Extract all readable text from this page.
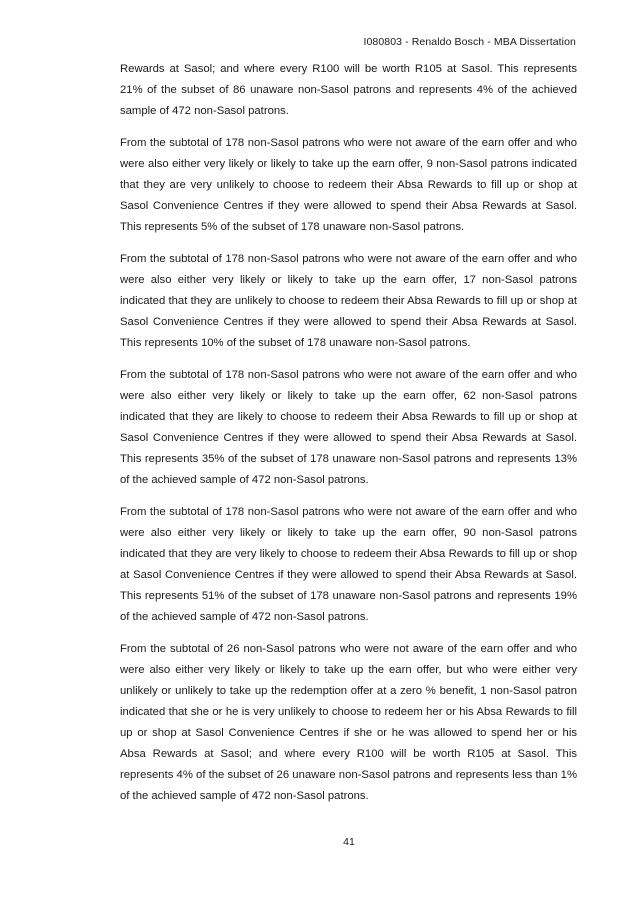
I080803 - Renaldo Bosch - MBA Dissertation

Rewards at Sasol; and where every R100 will be worth R105 at Sasol. This represents 21% of the subset of 86 unaware non-Sasol patrons and represents 4% of the achieved sample of 472 non-Sasol patrons.

From the subtotal of 178 non-Sasol patrons who were not aware of the earn offer and who were also either very likely or likely to take up the earn offer, 9 non-Sasol patrons indicated that they are very unlikely to choose to redeem their Absa Rewards to fill up or shop at Sasol Convenience Centres if they were allowed to spend their Absa Rewards at Sasol. This represents 5% of the subset of 178 unaware non-Sasol patrons.

From the subtotal of 178 non-Sasol patrons who were not aware of the earn offer and who were also either very likely or likely to take up the earn offer, 17 non-Sasol patrons indicated that they are unlikely to choose to redeem their Absa Rewards to fill up or shop at Sasol Convenience Centres if they were allowed to spend their Absa Rewards at Sasol. This represents 10% of the subset of 178 unaware non-Sasol patrons.

From the subtotal of 178 non-Sasol patrons who were not aware of the earn offer and who were also either very likely or likely to take up the earn offer, 62 non-Sasol patrons indicated that they are likely to choose to redeem their Absa Rewards to fill up or shop at Sasol Convenience Centres if they were allowed to spend their Absa Rewards at Sasol. This represents 35% of the subset of 178 unaware non-Sasol patrons and represents 13% of the achieved sample of 472 non-Sasol patrons.

From the subtotal of 178 non-Sasol patrons who were not aware of the earn offer and who were also either very likely or likely to take up the earn offer, 90 non-Sasol patrons indicated that they are very likely to choose to redeem their Absa Rewards to fill up or shop at Sasol Convenience Centres if they were allowed to spend their Absa Rewards at Sasol. This represents 51% of the subset of 178 unaware non-Sasol patrons and represents 19% of the achieved sample of 472 non-Sasol patrons.

From the subtotal of 26 non-Sasol patrons who were not aware of the earn offer and who were also either very likely or likely to take up the earn offer, but who were either very unlikely or unlikely to take up the redemption offer at a zero % benefit, 1 non-Sasol patron indicated that she or he is very unlikely to choose to redeem her or his Absa Rewards to fill up or shop at Sasol Convenience Centres if she or he was allowed to spend her or his Absa Rewards at Sasol; and where every R100 will be worth R105 at Sasol. This represents 4% of the subset of 26 unaware non-Sasol patrons and represents less than 1% of the achieved sample of 472 non-Sasol patrons.

41
